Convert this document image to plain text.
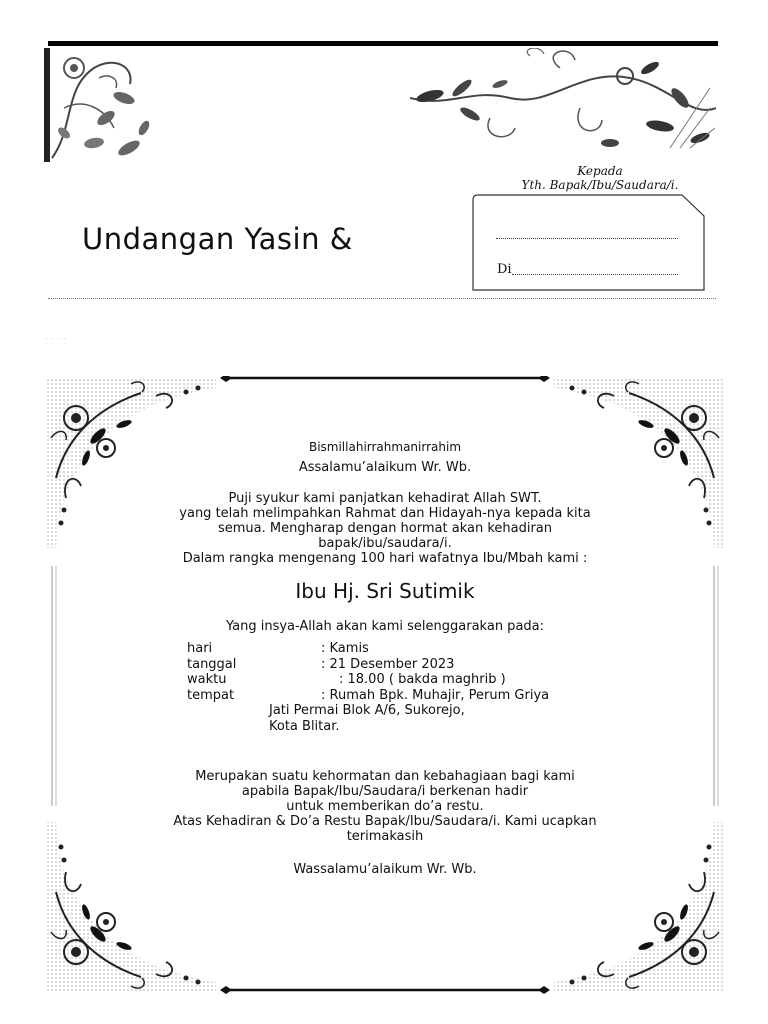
Kepada
Yth. Bapak/Ibu/Saudara/i.
Di
Undangan Yasin &
· · · ·
Bismillahirrahmanirrahim
Assalamu’alaikum Wr. Wb.
Puji syukur kami panjatkan kehadirat Allah SWT.
yang telah melimpahkan Rahmat dan Hidayah-nya kepada kita
semua. Mengharap dengan hormat akan kehadiran
bapak/ibu/saudara/i.
Dalam rangka mengenang 100 hari wafatnya Ibu/Mbah kami :
Ibu Hj. Sri Sutimik
Yang insya-Allah akan kami selenggarakan pada:
hari	: Kamis
tanggal	: 21 Desember 2023
waktu	: 18.00 ( bakda maghrib )
tempat	: Rumah Bpk. Muhajir, Perum Griya
Jati Permai Blok A/6, Sukorejo,
Kota Blitar.
Merupakan suatu kehormatan dan kebahagiaan bagi kami
apabila Bapak/Ibu/Saudara/i berkenan hadir
untuk memberikan do’a restu.
Atas Kehadiran & Do’a Restu Bapak/Ibu/Saudara/i. Kami ucapkan
terimakasih
Wassalamu’alaikum Wr. Wb.
